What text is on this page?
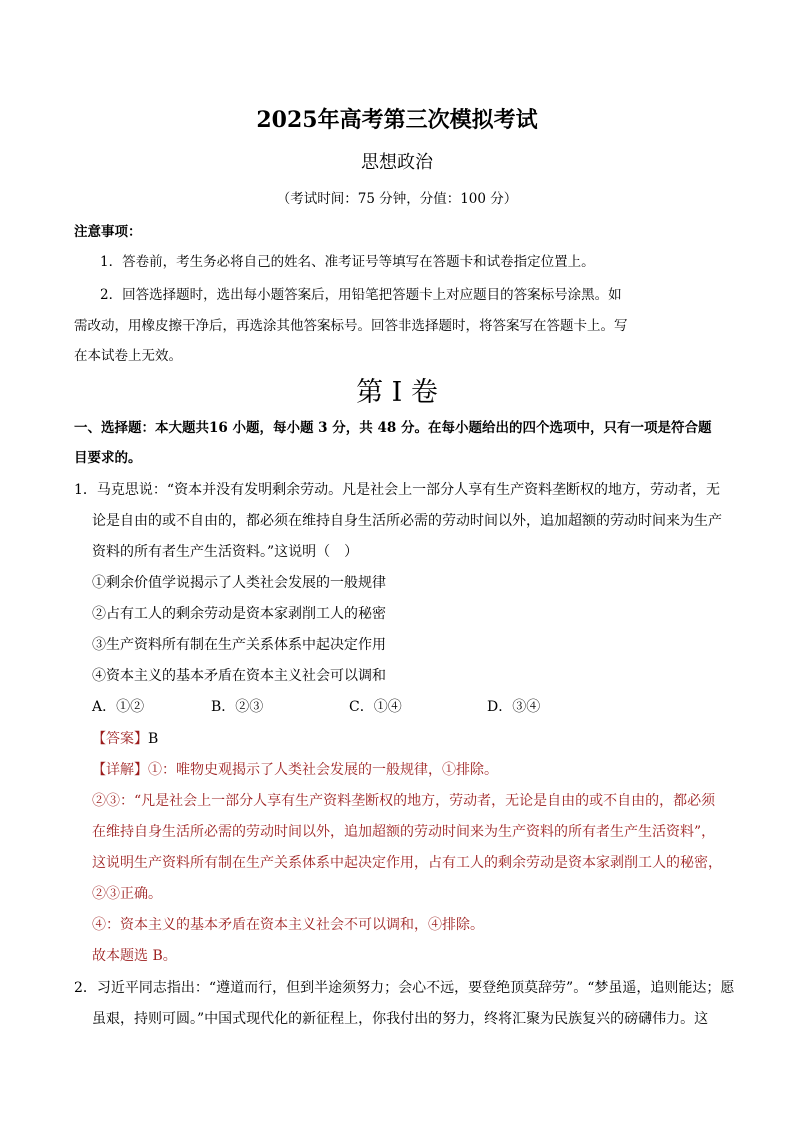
2025年高考第三次模拟考试
思想政治
（考试时间：75 分钟，分值：100 分）
注意事项：
1．答卷前，考生务必将自己的姓名、准考证号等填写在答题卡和试卷指定位置上。
2．回答选择题时，选出每小题答案后，用铅笔把答题卡上对应题目的答案标号涂黑。如
需改动，用橡皮擦干净后，再选涂其他答案标号。回答非选择题时，将答案写在答题卡上。写
在本试卷上无效。
第 I 卷
一、选择题：本大题共16 小题，每小题 3 分，共 48 分。在每小题给出的四个选项中，只有一项是符合题
目要求的。
1．马克思说：“资本并没有发明剩余劳动。凡是社会上一部分人享有生产资料垄断权的地方，劳动者，无
论是自由的或不自由的，都必须在维持自身生活所必需的劳动时间以外，追加超额的劳动时间来为生产
资料的所有者生产生活资料。”这说明（　）
①剩余价值学说揭示了人类社会发展的一般规律
②占有工人的剩余劳动是资本家剥削工人的秘密
③生产资料所有制在生产关系体系中起决定作用
④资本主义的基本矛盾在资本主义社会可以调和
A．①②	B．②③	C．①④	D．③④
【答案】B
【详解】①：唯物史观揭示了人类社会发展的一般规律，①排除。
②③：“凡是社会上一部分人享有生产资料垄断权的地方，劳动者，无论是自由的或不自由的，都必须
在维持自身生活所必需的劳动时间以外，追加超额的劳动时间来为生产资料的所有者生产生活资料”，
这说明生产资料所有制在生产关系体系中起决定作用，占有工人的剩余劳动是资本家剥削工人的秘密，
②③正确。
④：资本主义的基本矛盾在资本主义社会不可以调和，④排除。
故本题选 B。
2．习近平同志指出：“遵道而行，但到半途须努力；会心不远，要登绝顶莫辞劳”。“梦虽遥，追则能达；愿
虽艰，持则可圆。”中国式现代化的新征程上，你我付出的努力，终将汇聚为民族复兴的磅礴伟力。这
